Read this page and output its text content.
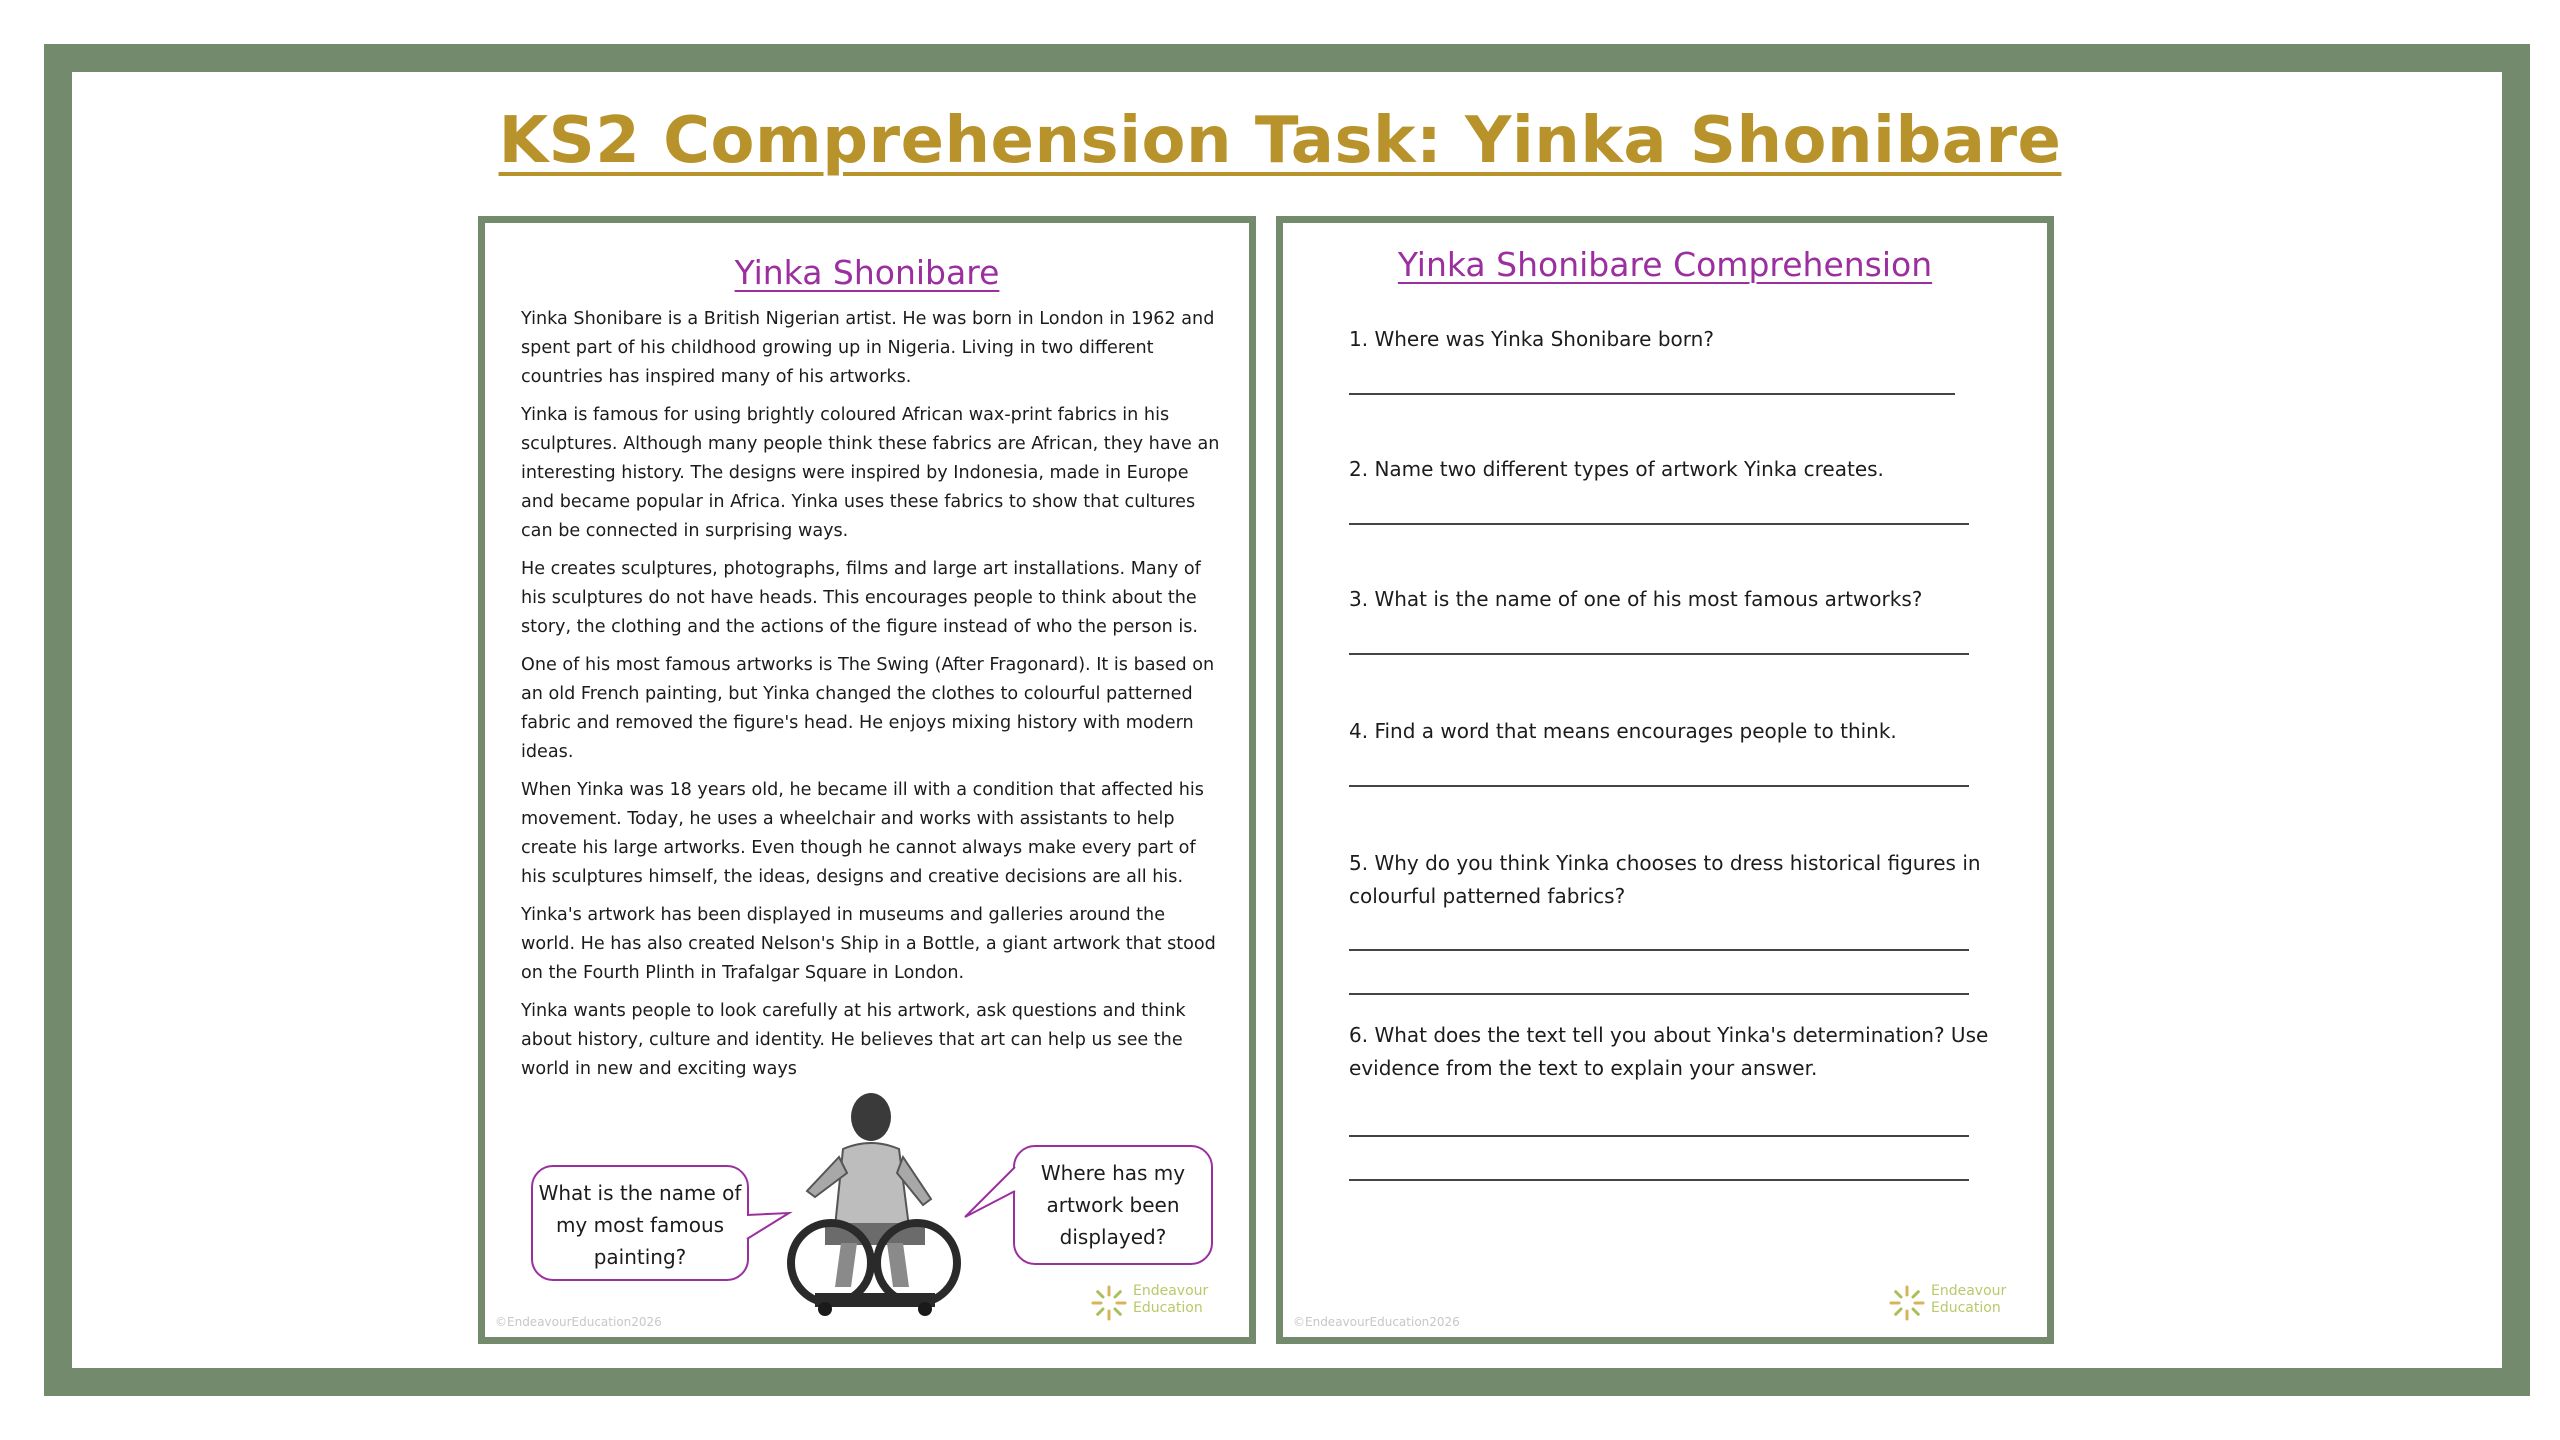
KS2 Comprehension Task: Yinka Shonibare
Yinka Shonibare

Yinka Shonibare is a British Nigerian artist. He was born in London in 1962 and spent part of his childhood growing up in Nigeria. Living in two different countries has inspired many of his artworks.

Yinka is famous for using brightly coloured African wax-print fabrics in his sculptures. Although many people think these fabrics are African, they have an interesting history. The designs were inspired by Indonesia, made in Europe and became popular in Africa. Yinka uses these fabrics to show that cultures can be connected in surprising ways.

He creates sculptures, photographs, films and large art installations. Many of his sculptures do not have heads. This encourages people to think about the story, the clothing and the actions of the figure instead of who the person is.

One of his most famous artworks is The Swing (After Fragonard). It is based on an old French painting, but Yinka changed the clothes to colourful patterned fabric and removed the figure's head. He enjoys mixing history with modern ideas.

When Yinka was 18 years old, he became ill with a condition that affected his movement. Today, he uses a wheelchair and works with assistants to help create his large artworks. Even though he cannot always make every part of his sculptures himself, the ideas, designs and creative decisions are all his.

Yinka's artwork has been displayed in museums and galleries around the world. He has also created Nelson's Ship in a Bottle, a giant artwork that stood on the Fourth Plinth in Trafalgar Square in London.

Yinka wants people to look carefully at his artwork, ask questions and think about history, culture and identity. He believes that art can help us see the world in new and exciting ways

What is the name of my most famous painting?
Where has my artwork been displayed?
©EndeavourEducation2026
Endeavour
Education
Yinka Shonibare Comprehension
1. Where was Yinka Shonibare born?
2. Name two different types of artwork Yinka creates.
3. What is the name of one of his most famous artworks?
4. Find a word that means encourages people to think.
5. Why do you think Yinka chooses to dress historical figures in colourful patterned fabrics?
6. What does the text tell you about Yinka's determination? Use evidence from the text to explain your answer.
©EndeavourEducation2026
Endeavour
Education
